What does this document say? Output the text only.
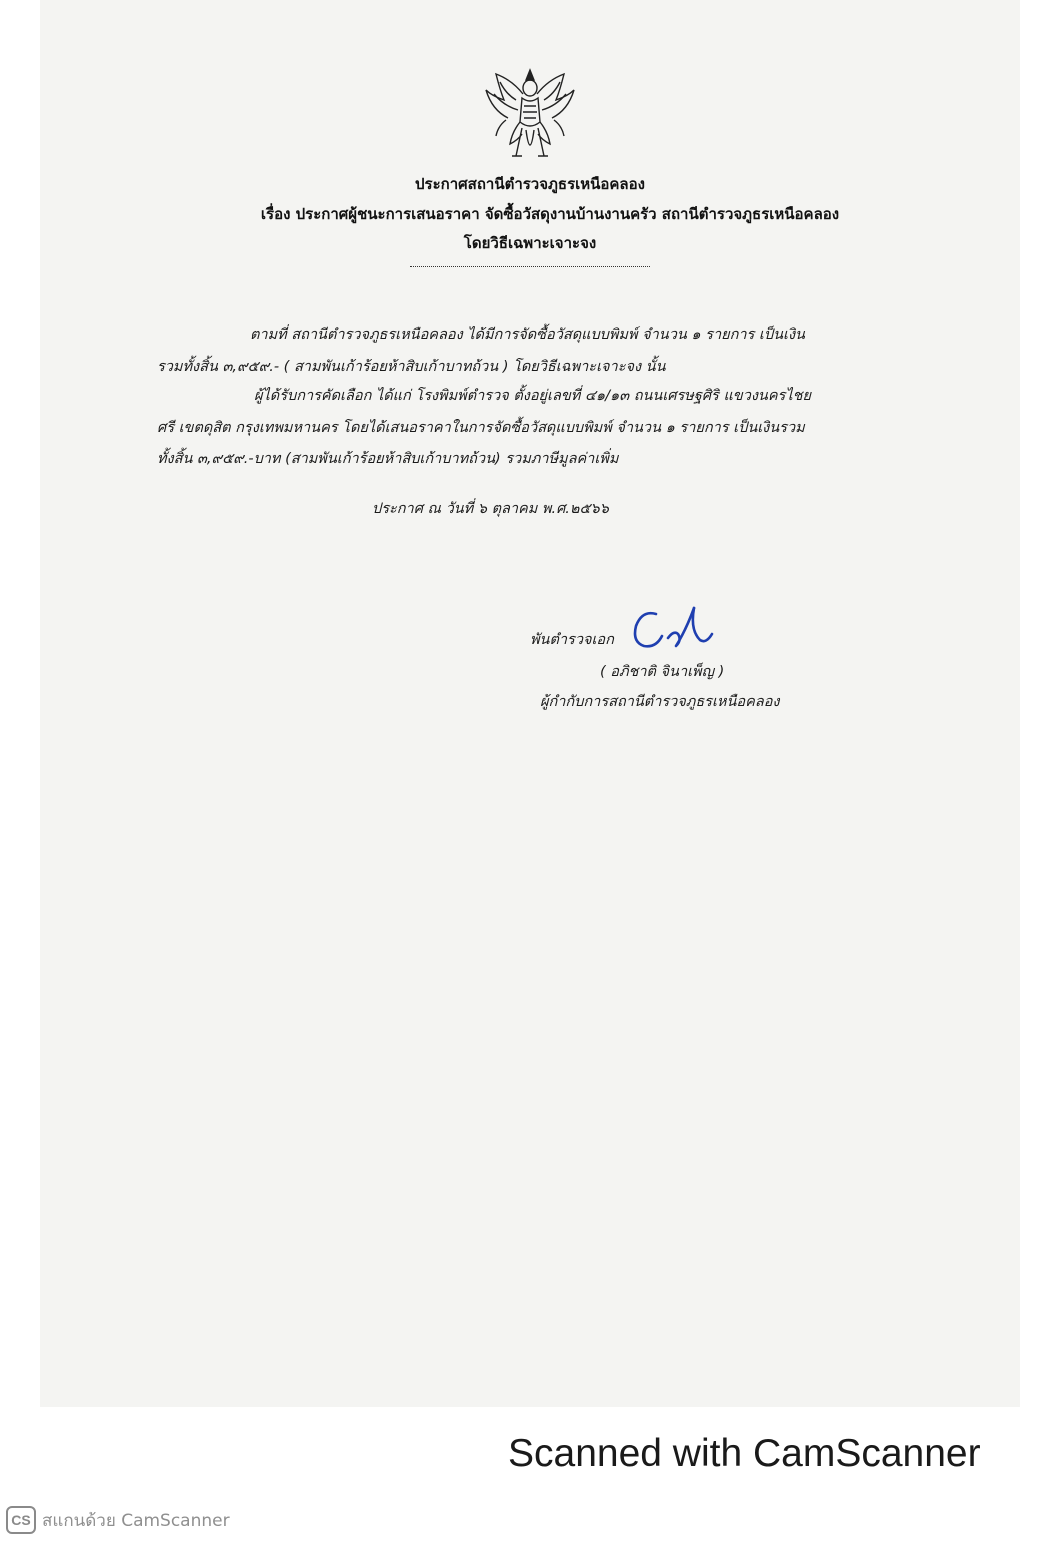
ประกาศสถานีตำรวจภูธรเหนือคลอง
เรื่อง ประกาศผู้ชนะการเสนอราคา จัดซื้อวัสดุงานบ้านงานครัว สถานีตำรวจภูธรเหนือคลอง
โดยวิธีเฉพาะเจาะจง
ตามที่ สถานีตำรวจภูธรเหนือคลอง ได้มีการจัดซื้อวัสดุแบบพิมพ์ จำนวน ๑ รายการ เป็นเงิน
รวมทั้งสิ้น ๓,๙๕๙.- ( สามพันเก้าร้อยห้าสิบเก้าบาทถ้วน ) โดยวิธีเฉพาะเจาะจง นั้น
ผู้ได้รับการคัดเลือก ได้แก่ โรงพิมพ์ตำรวจ ตั้งอยู่เลขที่ ๔๑/๑๓ ถนนเศรษฐศิริ แขวงนครไชย
ศรี เขตดุสิต กรุงเทพมหานคร โดยได้เสนอราคาในการจัดซื้อวัสดุแบบพิมพ์ จำนวน ๑ รายการ เป็นเงินรวม
ทั้งสิ้น ๓,๙๕๙.-บาท (สามพันเก้าร้อยห้าสิบเก้าบาทถ้วน) รวมภาษีมูลค่าเพิ่ม
ประกาศ ณ วันที่ ๖ ตุลาคม พ.ศ.๒๕๖๖
พันตำรวจเอก
( อภิชาติ จินาเพ็ญ )
ผู้กำกับการสถานีตำรวจภูธรเหนือคลอง
Scanned with CamScanner
CS สแกนด้วย CamScanner
